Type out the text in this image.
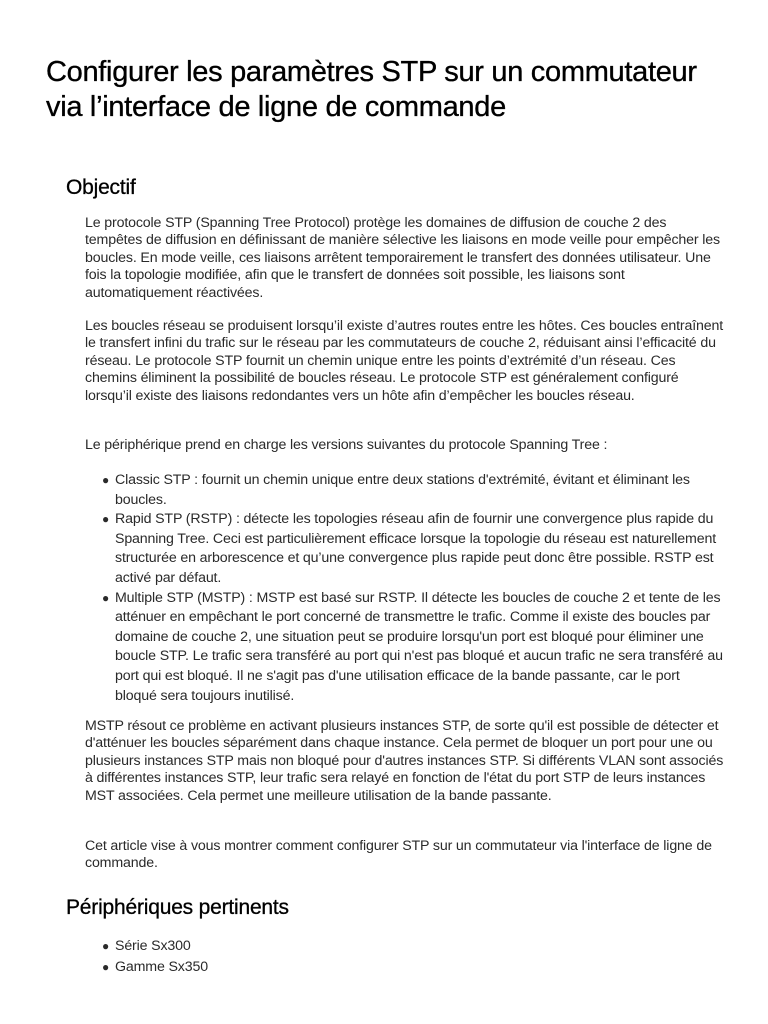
Configurer les paramètres STP sur un commutateur via l’interface de ligne de commande
Objectif

Le protocole STP (Spanning Tree Protocol) protège les domaines de diffusion de couche 2 des tempêtes de diffusion en définissant de manière sélective les liaisons en mode veille pour empêcher les boucles. En mode veille, ces liaisons arrêtent temporairement le transfert des données utilisateur. Une fois la topologie modifiée, afin que le transfert de données soit possible, les liaisons sont automatiquement réactivées.

Les boucles réseau se produisent lorsqu’il existe d’autres routes entre les hôtes. Ces boucles entraînent le transfert infini du trafic sur le réseau par les commutateurs de couche 2, réduisant ainsi l’efficacité du réseau. Le protocole STP fournit un chemin unique entre les points d’extrémité d’un réseau. Ces chemins éliminent la possibilité de boucles réseau. Le protocole STP est généralement configuré lorsqu’il existe des liaisons redondantes vers un hôte afin d’empêcher les boucles réseau.

Le périphérique prend en charge les versions suivantes du protocole Spanning Tree :

● Classic STP : fournit un chemin unique entre deux stations d'extrémité, évitant et éliminant les boucles.
● Rapid STP (RSTP) : détecte les topologies réseau afin de fournir une convergence plus rapide du Spanning Tree. Ceci est particulièrement efficace lorsque la topologie du réseau est naturellement structurée en arborescence et qu’une convergence plus rapide peut donc être possible. RSTP est activé par défaut.
● Multiple STP (MSTP) : MSTP est basé sur RSTP. Il détecte les boucles de couche 2 et tente de les atténuer en empêchant le port concerné de transmettre le trafic. Comme il existe des boucles par domaine de couche 2, une situation peut se produire lorsqu'un port est bloqué pour éliminer une boucle STP. Le trafic sera transféré au port qui n'est pas bloqué et aucun trafic ne sera transféré au port qui est bloqué. Il ne s'agit pas d'une utilisation efficace de la bande passante, car le port bloqué sera toujours inutilisé.

MSTP résout ce problème en activant plusieurs instances STP, de sorte qu'il est possible de détecter et d'atténuer les boucles séparément dans chaque instance. Cela permet de bloquer un port pour une ou plusieurs instances STP mais non bloqué pour d'autres instances STP. Si différents VLAN sont associés à différentes instances STP, leur trafic sera relayé en fonction de l'état du port STP de leurs instances MST associées. Cela permet une meilleure utilisation de la bande passante.

Cet article vise à vous montrer comment configurer STP sur un commutateur via l'interface de ligne de commande.

Périphériques pertinents
● Série Sx300
● Gamme Sx350
